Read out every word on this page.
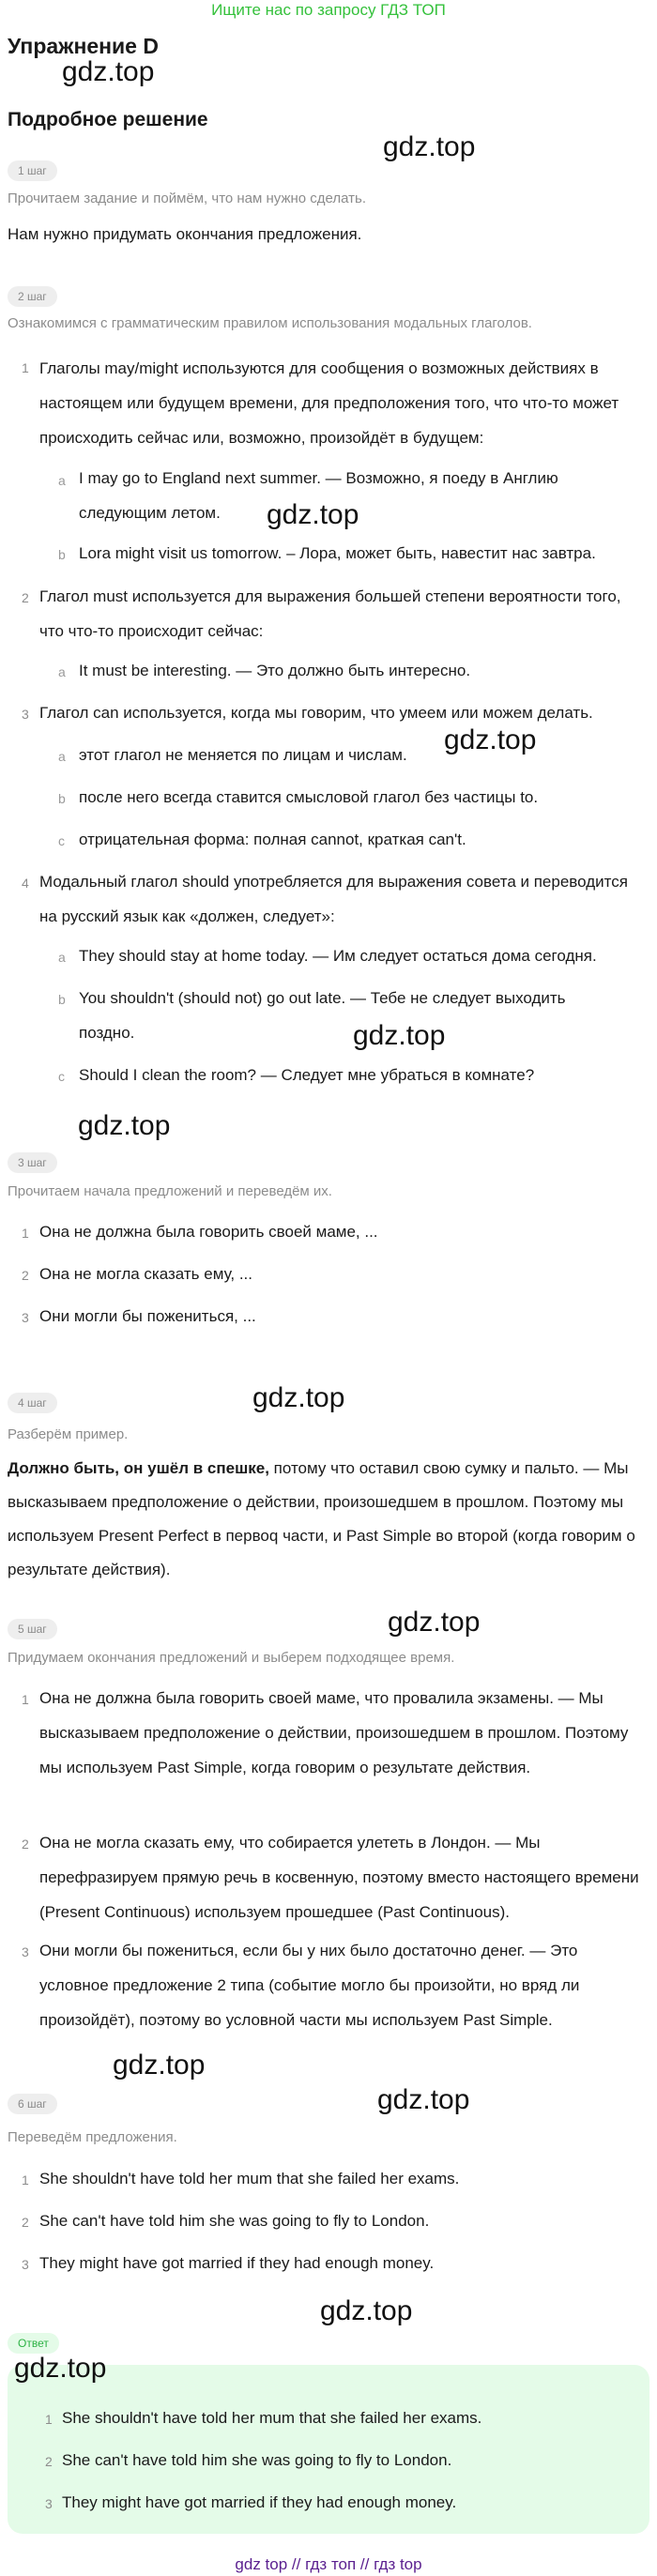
Ищите нас по запросу ГДЗ ТОП
Упражнение D
gdz.top
Подробное решение
gdz.top
1 шаг
Прочитаем задание и поймём, что нам нужно сделать.
Нам нужно придумать окончания предложения.
2 шаг
Ознакомимся с грамматическим правилом использования модальных глаголов.
1 Глаголы may/might используются для сообщения о возможных действиях в настоящем или будущем времени, для предположения того, что что-то может происходить сейчас или, возможно, произойдёт в будущем:
a I may go to England next summer. — Возможно, я поеду в Англию следующим летом.	gdz.top
b Lora might visit us tomorrow. – Лора, может быть, навестит нас завтра.
2 Глагол must используется для выражения большей степени вероятности того, что что-то происходит сейчас:
a It must be interesting. — Это должно быть интересно.
3 Глагол can используется, когда мы говорим, что умеем или можем делать.
gdz.top
a этот глагол не меняется по лицам и числам.
b после него всегда ставится смысловой глагол без частицы to.
c отрицательная форма: полная cannot, краткая can't.
4 Модальный глагол should употребляется для выражения совета и переводится на русский язык как «должен, следует»:
a They should stay at home today. — Им следует остаться дома сегодня.
b You shouldn't (should not) go out late. — Тебе не следует выходить поздно.	gdz.top
c Should I clean the room? — Следует мне убраться в комнате?
gdz.top
3 шаг
Прочитаем начала предложений и переведём их.
1 Она не должна была говорить своей маме, ...
2 Она не могла сказать ему, ...
3 Они могли бы пожениться, ...
4 шаг	gdz.top
Разберём пример.
Должно быть, он ушёл в спешке, потому что оставил свою сумку и пальто. — Мы высказываем предположение о действии, произошедшем в прошлом. Поэтому мы используем Present Perfect в первоq части, и Past Simple во второй (когда говорим о результате действия).
gdz.top
5 шаг
Придумаем окончания предложений и выберем подходящее время.
1 Она не должна была говорить своей маме, что провалила экзамены. — Мы высказываем предположение о действии, произошедшем в прошлом. Поэтому мы используем Past Simple, когда говорим о результате действия.
2 Она не могла сказать ему, что собирается улететь в Лондон. — Мы перефразируем прямую речь в косвенную, поэтому вместо настоящего времени (Present Continuous) используем прошедшее (Past Continuous).
3 Они могли бы пожениться, если бы у них было достаточно денег. — Это условное предложение 2 типа (событие могло бы произойти, но вряд ли произойдёт), поэтому во условной части мы используем Past Simple.
gdz.top
gdz.top
6 шаг
Переведём предложения.
1 She shouldn't have told her mum that she failed her exams.
2 She can't have told him she was going to fly to London.
3 They might have got married if they had enough money.
gdz.top
Ответ
gdz.top
1 She shouldn't have told her mum that she failed her exams.
2 She can't have told him she was going to fly to London.
3 They might have got married if they had enough money.
gdz top // гдз топ // гдз top
